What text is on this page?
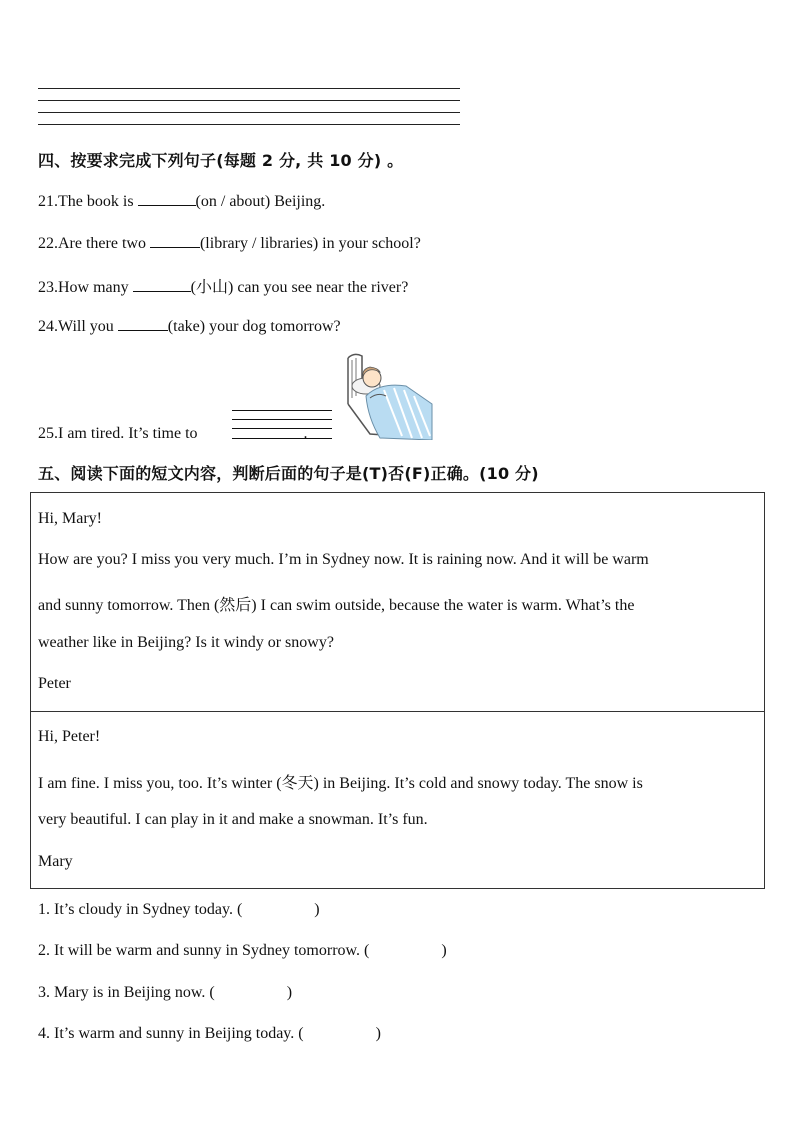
四、按要求完成下列句子(每题 2 分, 共 10 分) 。
21.The book is	(on / about) Beijing.
22.Are there two	(library / libraries) in your school?
23.How many	(小山) can you see near the river?
24.Will you	(take) your dog tomorrow?
25.I am tired. It’s time to	.
五、阅读下面的短文内容，判断后面的句子是(T)否(F)正确。(10 分)
Hi, Mary!
How are you? I miss you very much. I’m in Sydney now. It is raining now. And it will be warm
and sunny tomorrow. Then (然后) I can swim outside, because the water is warm. What’s the
weather like in Beijing? Is it windy or snowy?
Peter
Hi, Peter!
I am fine. I miss you, too. It’s winter (冬天) in Beijing. It’s cold and snowy today. The snow is
very beautiful. I can play in it and make a snowman. It’s fun.
Mary
1. It’s cloudy in Sydney today. (	)
2. It will be warm and sunny in Sydney tomorrow. (	)
3. Mary is in Beijing now. (	)
4. It’s warm and sunny in Beijing today. (	)
